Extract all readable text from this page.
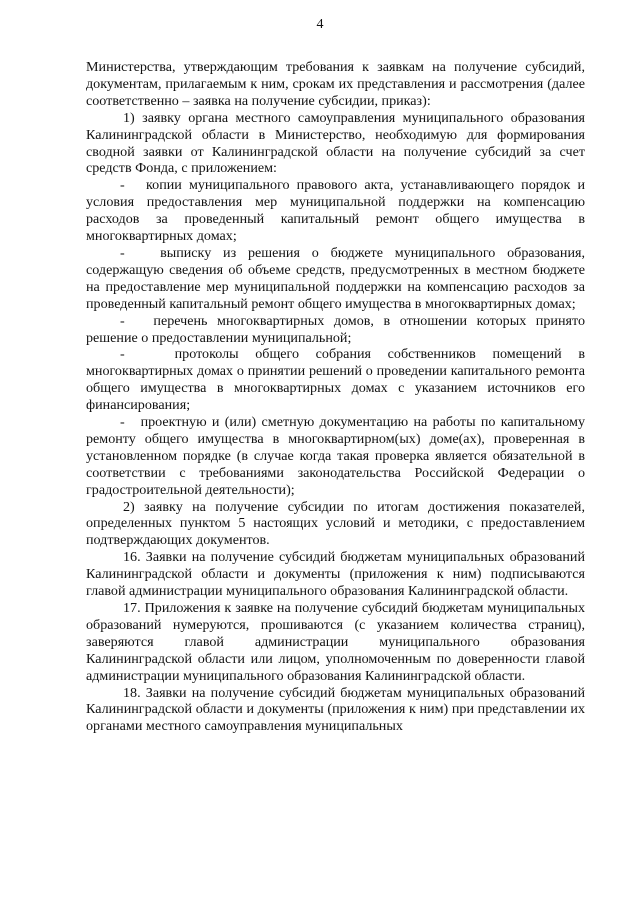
4

Министерства, утверждающим требования к заявкам на получение субсидий, документам, прилагаемым к ним, срокам их представления и рассмотрения (далее соответственно – заявка на получение субсидии, приказ):

1) заявку органа местного самоуправления муниципального образования Калининградской области в Министерство, необходимую для формирования сводной заявки от Калининградской области на получение субсидий за счет средств Фонда, с приложением:

-   копии муниципального правового акта, устанавливающего порядок и условия предоставления мер муниципальной поддержки на компенсацию расходов за проведенный капитальный ремонт общего имущества в многоквартирных домах;

-   выписку из решения о бюджете муниципального образования, содержащую сведения об объеме средств, предусмотренных в местном бюджете на предоставление мер муниципальной поддержки на компенсацию расходов за проведенный капитальный ремонт общего имущества в многоквартирных домах;

-   перечень многоквартирных домов, в отношении которых принято решение о предоставлении муниципальной;

-   протоколы общего собрания собственников помещений в многоквартирных домах о принятии решений о проведении капитального ремонта общего имущества в многоквартирных домах с указанием источников его финансирования;

-   проектную и (или) сметную документацию на работы по капитальному ремонту общего имущества в многоквартирном(ых) доме(ах), проверенная в установленном порядке (в случае когда такая проверка является обязательной в соответствии с требованиями законодательства Российской Федерации о градостроительной деятельности);

2) заявку на получение субсидии по итогам достижения показателей, определенных пунктом 5 настоящих условий и методики, с предоставлением подтверждающих документов.

16. Заявки на получение субсидий бюджетам муниципальных образований Калининградской области и документы (приложения к ним) подписываются главой администрации муниципального образования Калининградской области.

17. Приложения к заявке на получение субсидий бюджетам муниципальных образований нумеруются, прошиваются (с указанием количества страниц), заверяются главой администрации муниципального образования Калининградской области или лицом, уполномоченным по доверенности главой администрации муниципального образования Калининградской области.

18. Заявки на получение субсидий бюджетам муниципальных образований Калининградской области и документы (приложения к ним) при представлении их органами местного самоуправления муниципальных
